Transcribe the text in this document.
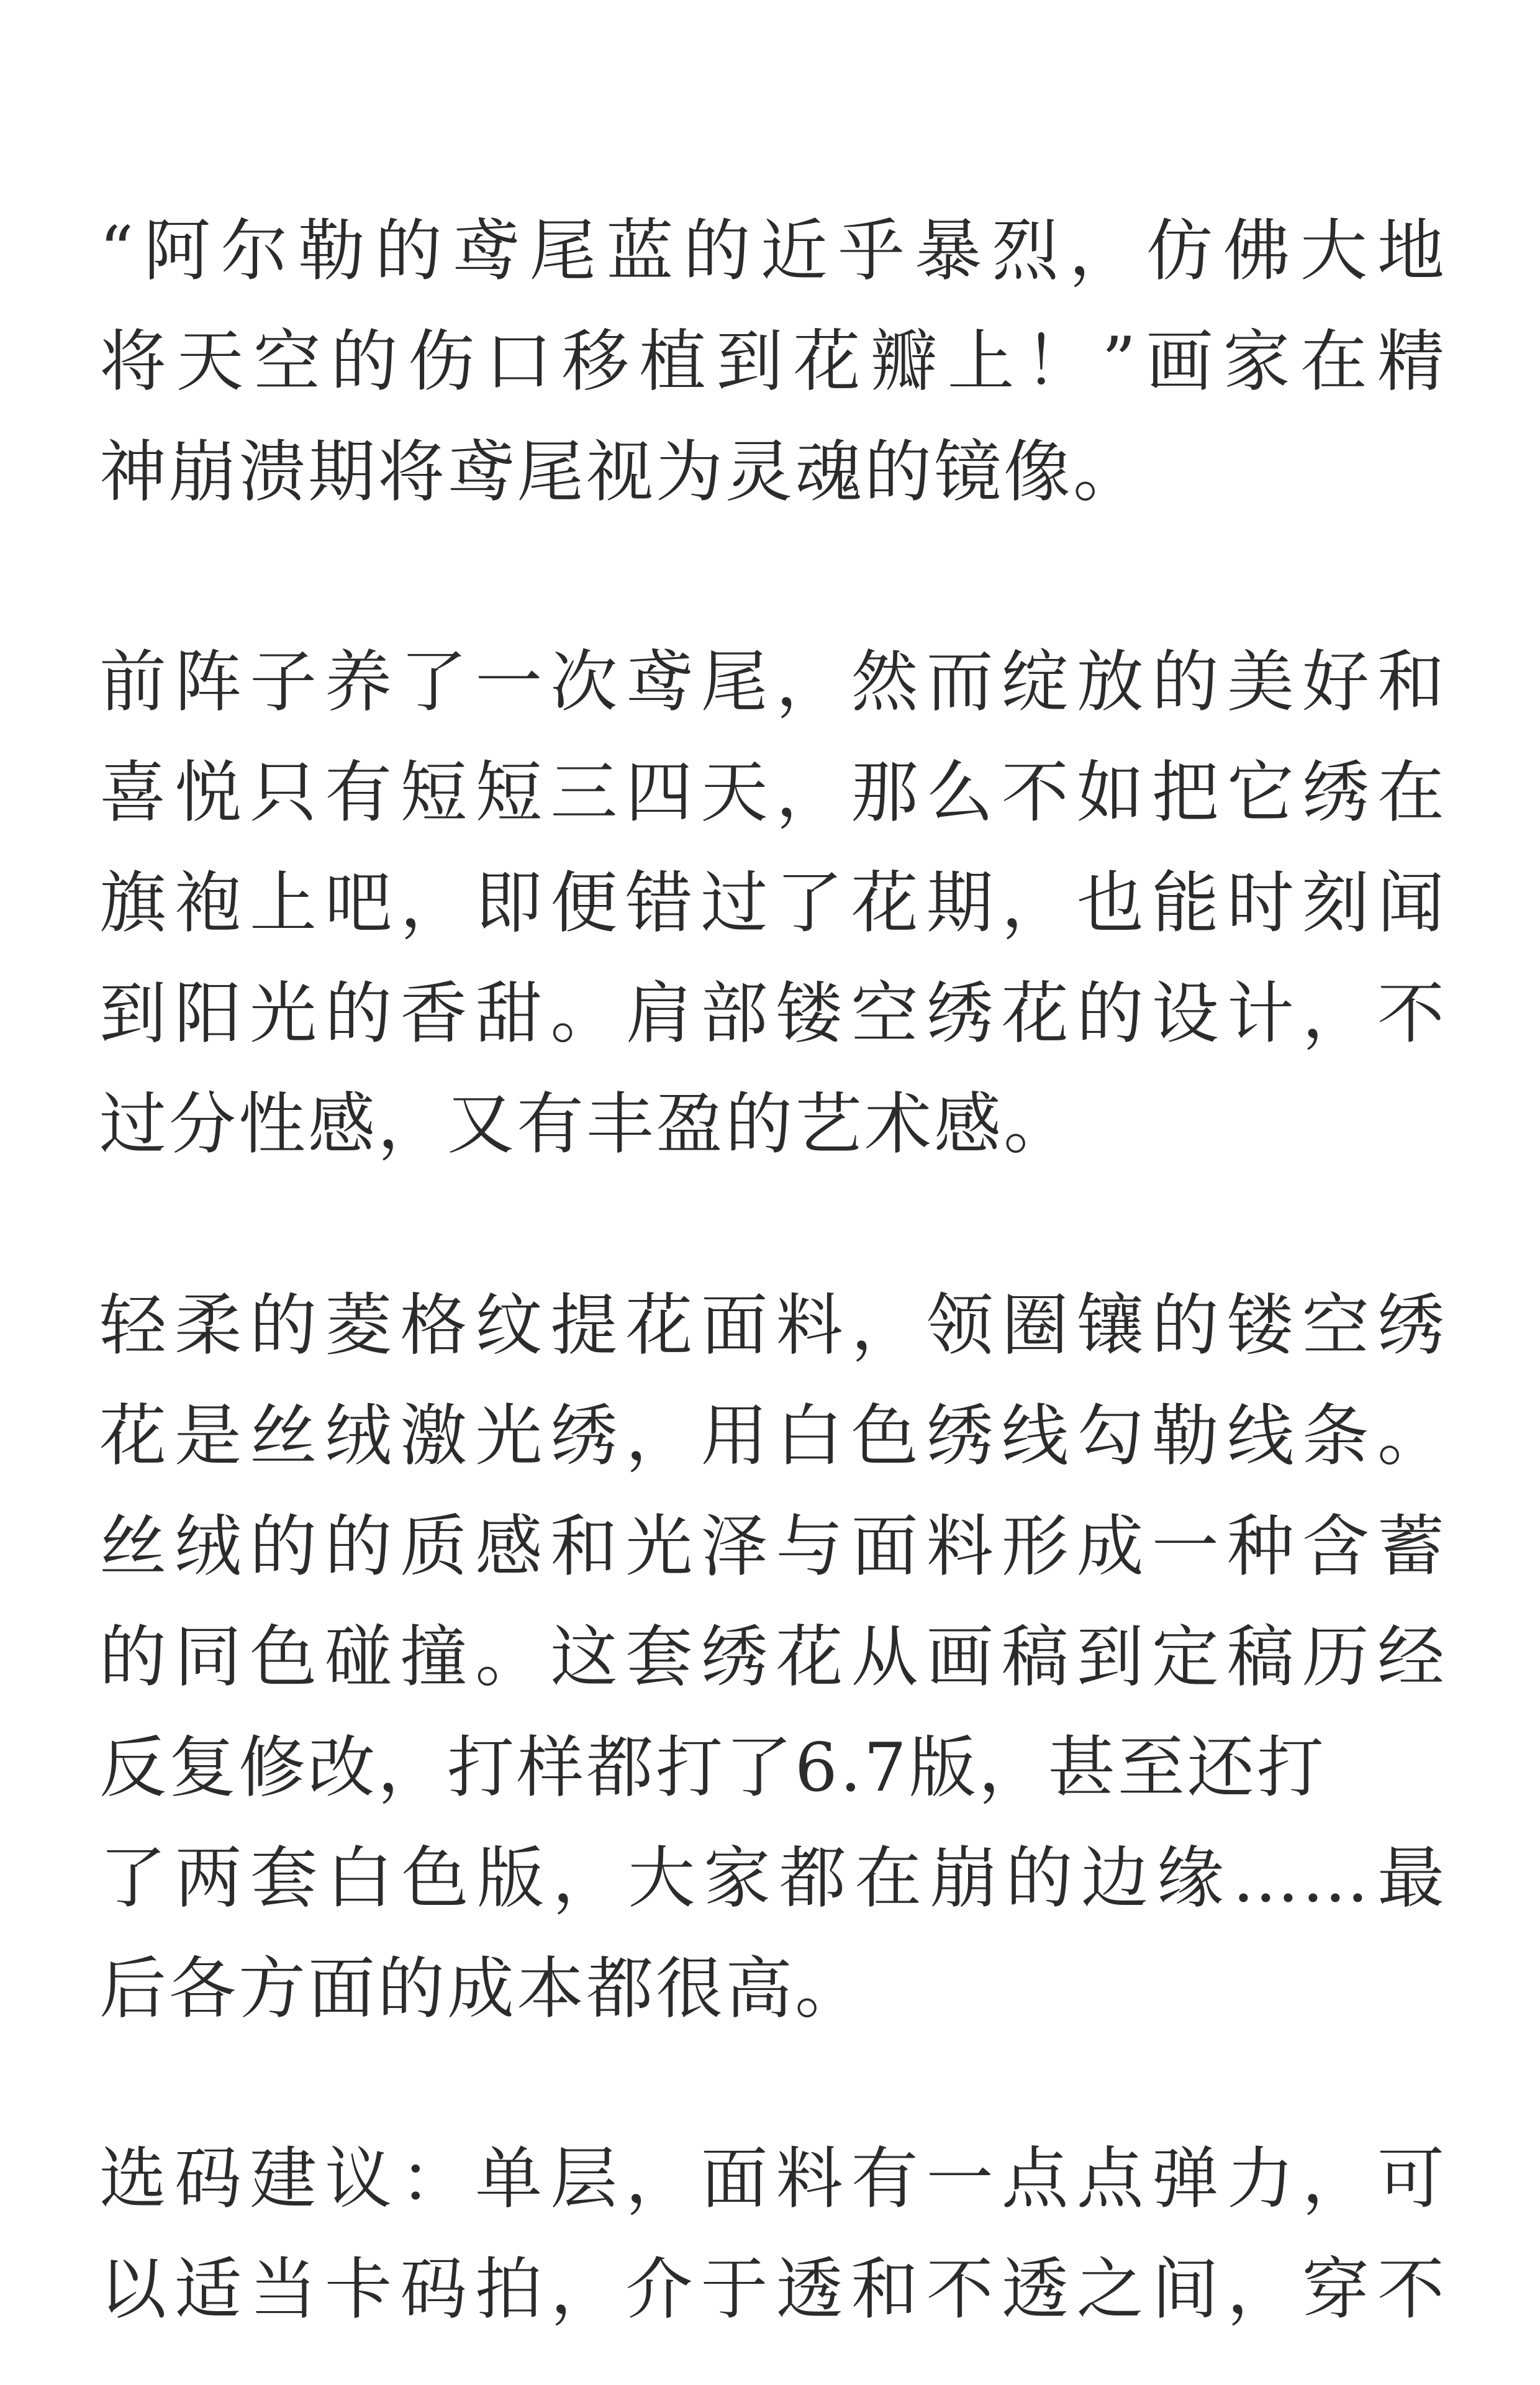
“阿尔勒的鸢尾蓝的近乎暴烈，仿佛大地
将天空的伤口移植到花瓣上！”画家在精
神崩溃期将鸢尾视为灵魂的镜像。

前阵子养了一次鸢尾，然而绽放的美好和
喜悦只有短短三四天，那么不如把它绣在
旗袍上吧，即便错过了花期，也能时刻闻
到阳光的香甜。肩部镂空绣花的设计，不
过分性感，又有丰盈的艺术感。

轻柔的菱格纹提花面料，领圈镶的镂空绣
花是丝绒激光绣，用白色绣线勾勒线条。
丝绒的的质感和光泽与面料形成一种含蓄
的同色碰撞。这套绣花从画稿到定稿历经
反复修改，打样都打了6.7版，甚至还打
了两套白色版，大家都在崩的边缘……最
后各方面的成本都很高。

选码建议：单层，面料有一点点弹力，可
以适当卡码拍，介于透和不透之间，穿不
